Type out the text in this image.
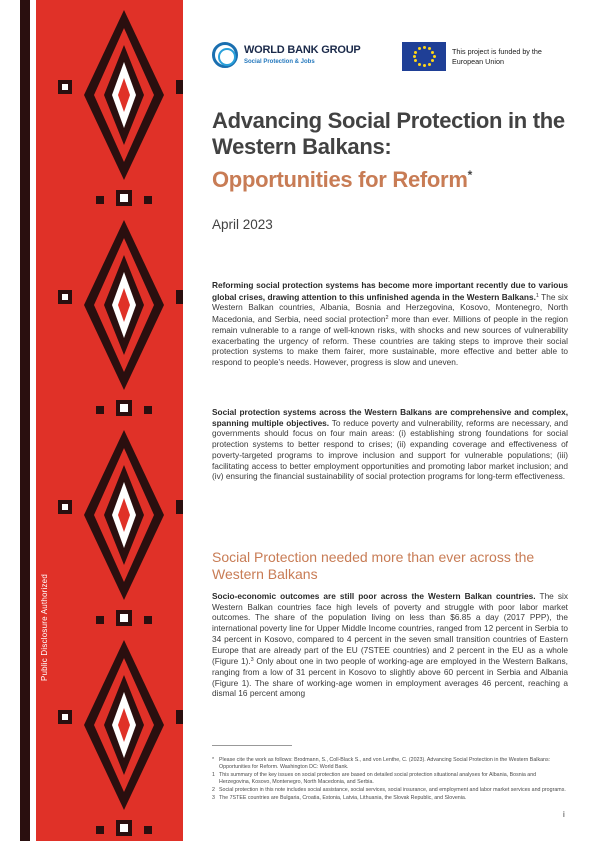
Public Disclosure Authorized
WORLD BANK GROUP
Social Protection & Jobs
This project is funded by the European Union
Advancing Social Protection in the Western Balkans:
Opportunities for Reform*
April 2023
Reforming social protection systems has become more important recently due to various global crises, drawing attention to this unfinished agenda in the Western Balkans.$^1$ The six Western Balkan countries, Albania, Bosnia and Herzegovina, Kosovo, Montenegro, North Macedonia, and Serbia, need social protection$^2$ more than ever. Millions of people in the region remain vulnerable to a range of well-known risks, with shocks and new sources of vulnerability exacerbating the urgency of reform. These countries are taking steps to improve their social protection systems to make them fairer, more sustainable, more effective and better able to respond to people’s needs. However, progress is slow and uneven.
Social protection systems across the Western Balkans are comprehensive and complex, spanning multiple objectives. To reduce poverty and vulnerability, reforms are necessary, and governments should focus on four main areas: (i) establishing strong foundations for social protection systems to better respond to crises; (ii) expanding coverage and effectiveness of poverty-targeted programs to improve inclusion and support for vulnerable populations; (iii) facilitating access to better employment opportunities and promoting labor market inclusion; and (iv) ensuring the financial sustainability of social protection programs for long-term effectiveness.
Social Protection needed more than ever across the Western Balkans
Socio-economic outcomes are still poor across the Western Balkan countries. The six Western Balkan countries face high levels of poverty and struggle with poor labor market outcomes. The share of the population living on less than $6.85 a day (2017 PPP), the international poverty line for Upper Middle Income countries, ranged from 12 percent in Serbia to 34 percent in Kosovo, compared to 4 percent in the seven small transition countries of Eastern Europe that are already part of the EU (7STEE countries) and 2 percent in the EU as a whole (Figure 1).$^3$ Only about one in two people of working-age are employed in the Western Balkans, ranging from a low of 31 percent in Kosovo to slightly above 60 percent in Serbia and Albania (Figure 1). The share of working-age women in employment averages 46 percent, reaching a dismal 16 percent among
* Please cite the work as follows: Brodmann, S., Coll-Black S., and von Lenthe, C. (2023). Advancing Social Protection in the Western Balkans: Opportunities for Reform. Washington DC: World Bank.
1 This summary of the key issues on social protection are based on detailed social protection situational analyses for Albania, Bosnia and Herzegovina, Kosovo, Montenegro, North Macedonia, and Serbia.
2 Social protection in this note includes social assistance, social services, social insurance, and employment and labor market services and programs.
3 The 7STEE countries are Bulgaria, Croatia, Estonia, Latvia, Lithuania, the Slovak Republic, and Slovenia.
i
